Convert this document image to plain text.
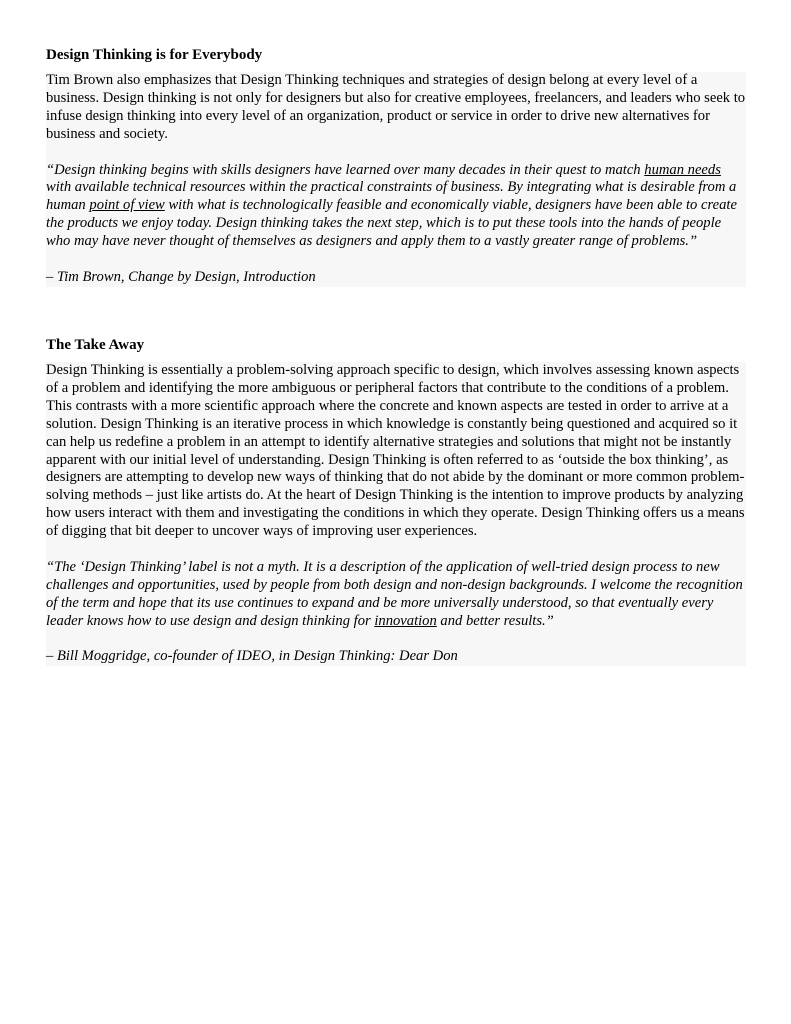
Design Thinking is for Everybody

Tim Brown also emphasizes that Design Thinking techniques and strategies of design belong at every level of a business. Design thinking is not only for designers but also for creative employees, freelancers, and leaders who seek to infuse design thinking into every level of an organization, product or service in order to drive new alternatives for business and society.

“Design thinking begins with skills designers have learned over many decades in their quest to match human needs with available technical resources within the practical constraints of business. By integrating what is desirable from a human point of view with what is technologically feasible and economically viable, designers have been able to create the products we enjoy today. Design thinking takes the next step, which is to put these tools into the hands of people who may have never thought of themselves as designers and apply them to a vastly greater range of problems.”

– Tim Brown, Change by Design, Introduction

The Take Away

Design Thinking is essentially a problem-solving approach specific to design, which involves assessing known aspects of a problem and identifying the more ambiguous or peripheral factors that contribute to the conditions of a problem. This contrasts with a more scientific approach where the concrete and known aspects are tested in order to arrive at a solution. Design Thinking is an iterative process in which knowledge is constantly being questioned and acquired so it can help us redefine a problem in an attempt to identify alternative strategies and solutions that might not be instantly apparent with our initial level of understanding. Design Thinking is often referred to as ‘outside the box thinking’, as designers are attempting to develop new ways of thinking that do not abide by the dominant or more common problem-solving methods – just like artists do. At the heart of Design Thinking is the intention to improve products by analyzing how users interact with them and investigating the conditions in which they operate. Design Thinking offers us a means of digging that bit deeper to uncover ways of improving user experiences.

“The ‘Design Thinking’ label is not a myth. It is a description of the application of well-tried design process to new challenges and opportunities, used by people from both design and non-design backgrounds. I welcome the recognition of the term and hope that its use continues to expand and be more universally understood, so that eventually every leader knows how to use design and design thinking for innovation and better results.”

– Bill Moggridge, co-founder of IDEO, in Design Thinking: Dear Don
